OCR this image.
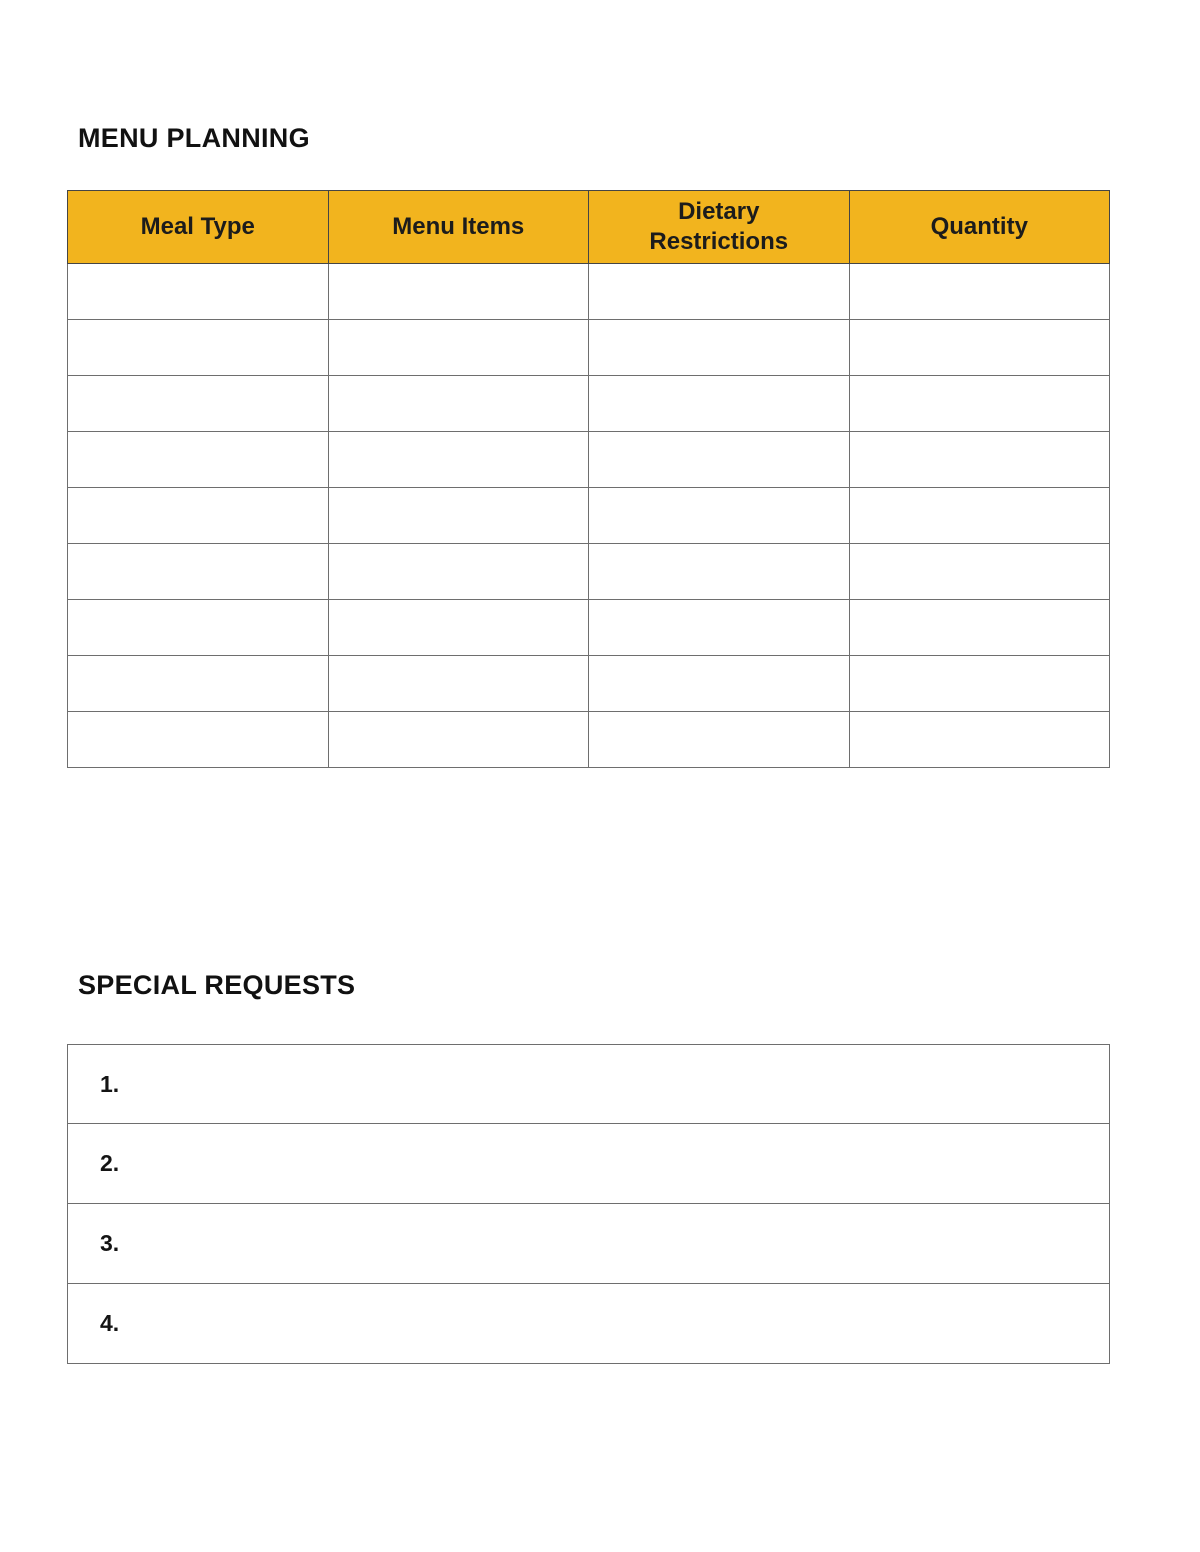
MENU PLANNING
Meal Type	Menu Items	Dietary Restrictions	Quantity

SPECIAL REQUESTS
1.
2.
3.
4.
